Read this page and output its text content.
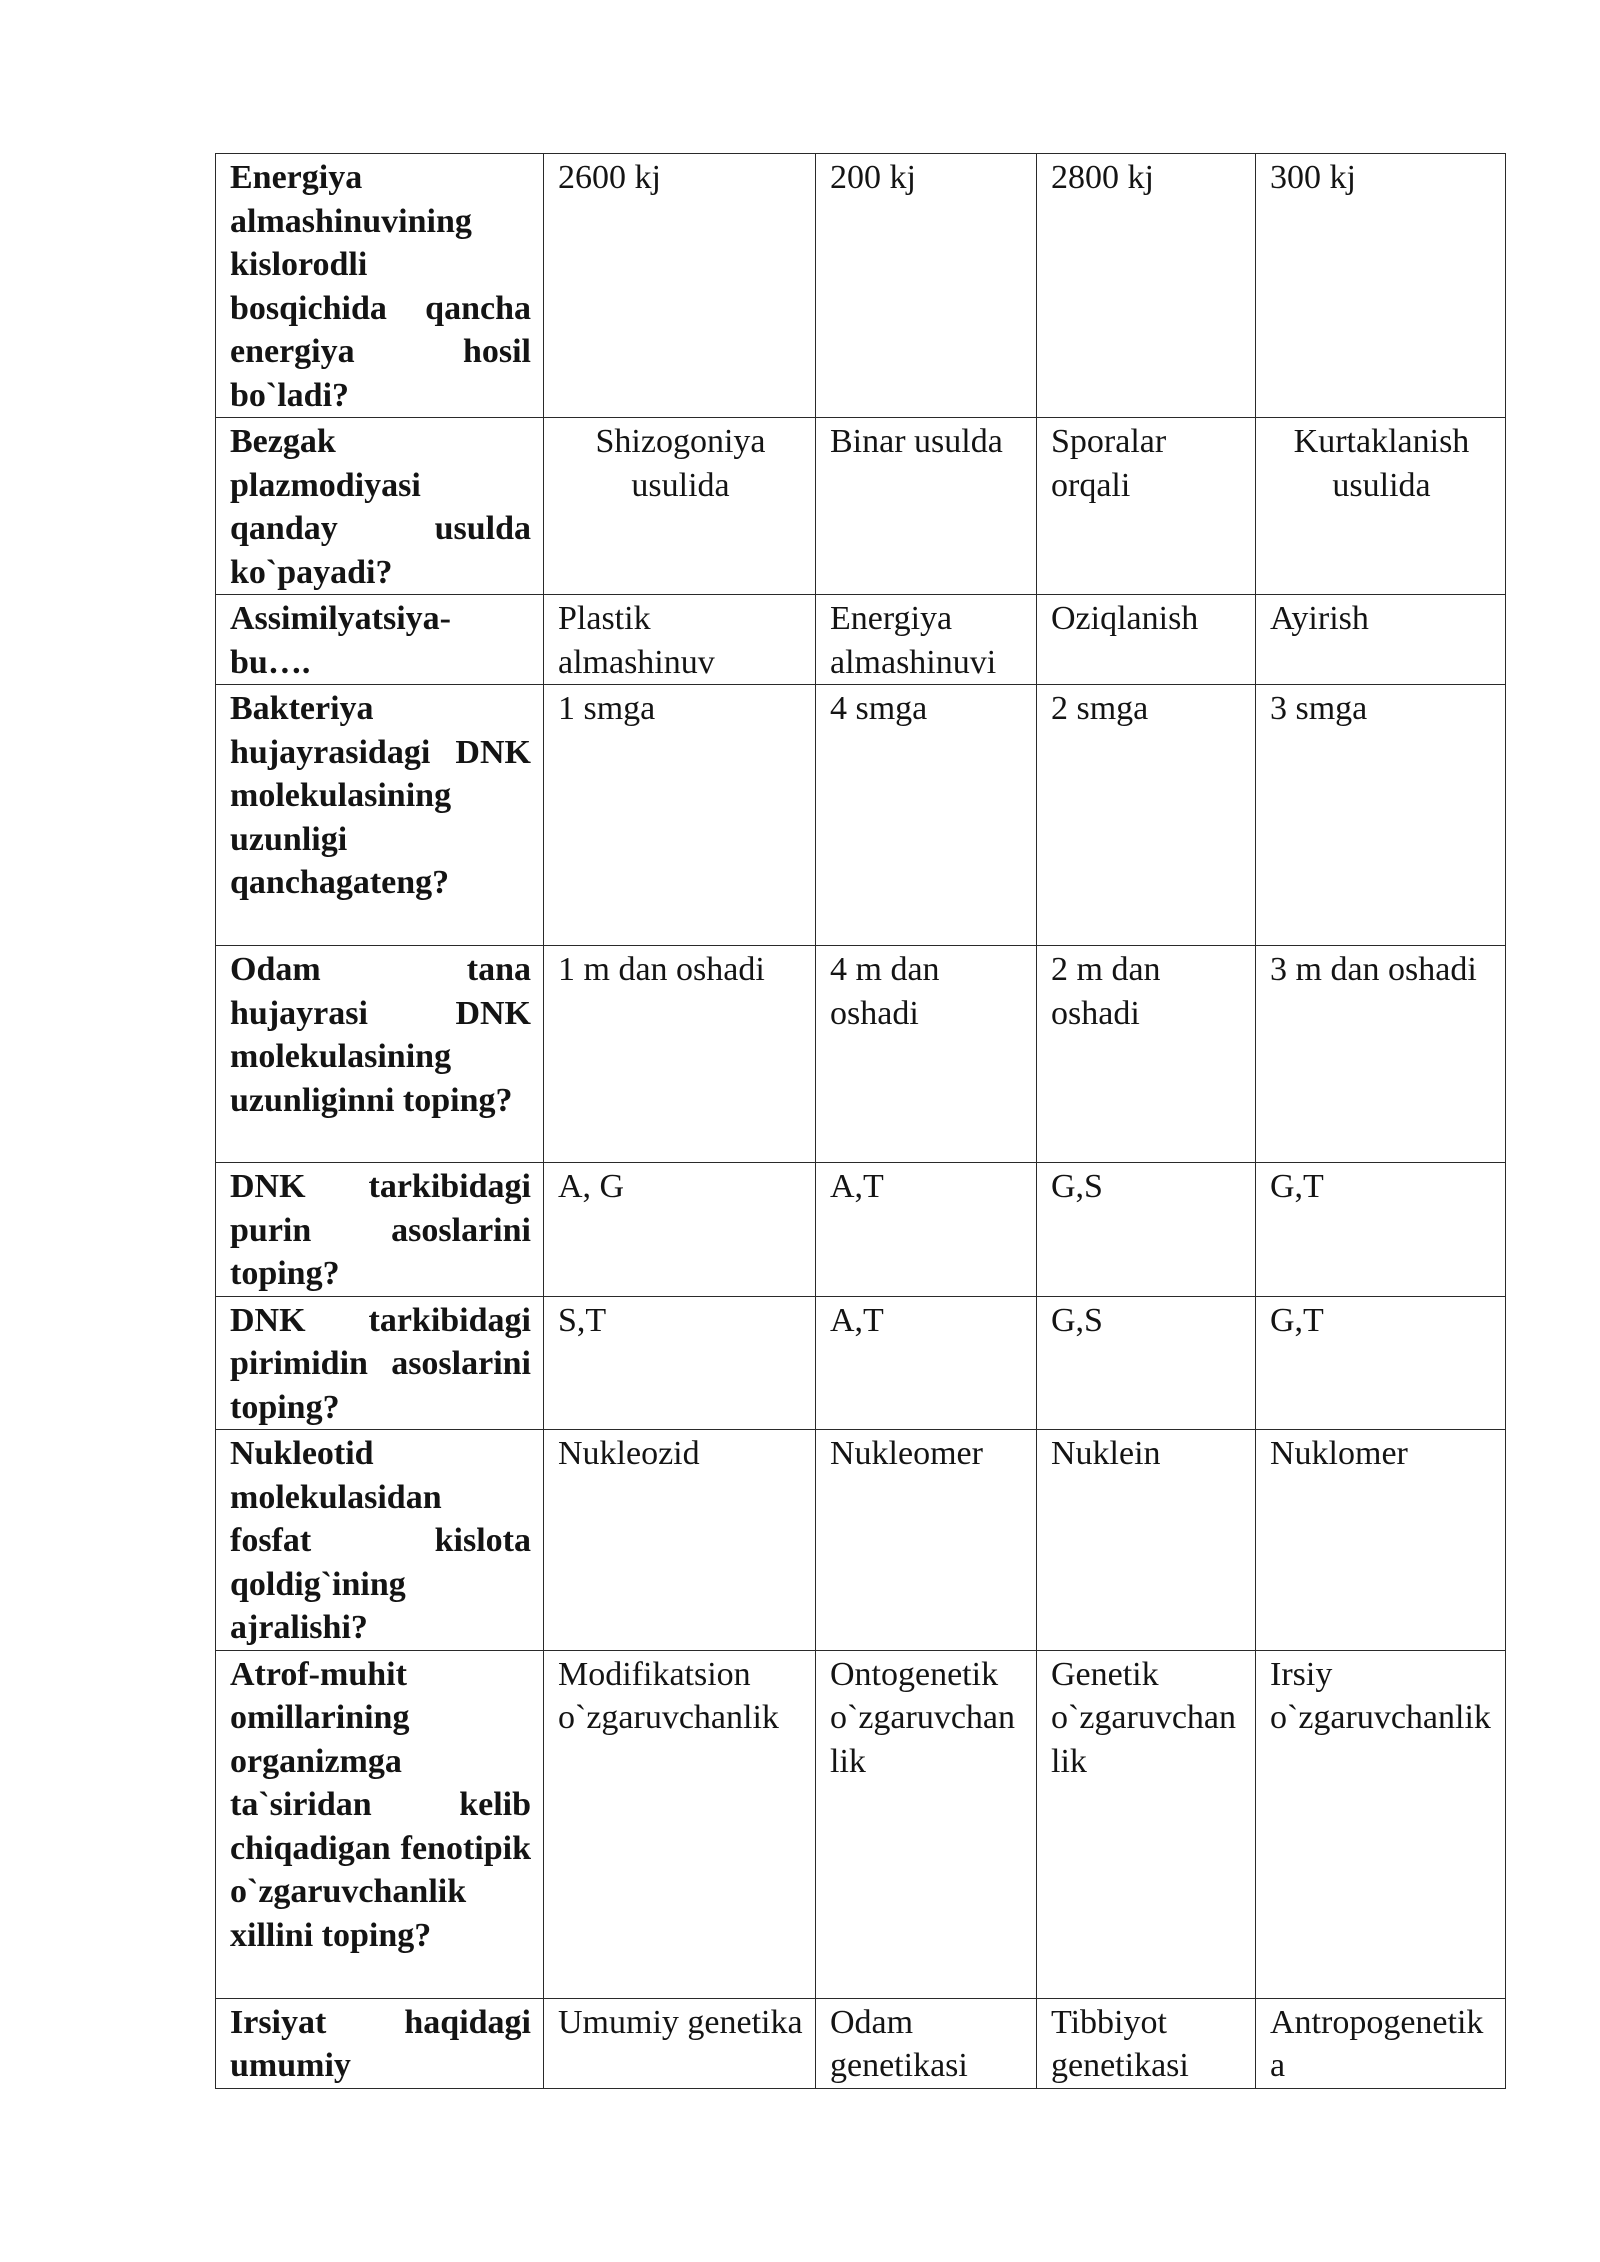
Energiya almashinuvining kislorodli bosqichida qancha energiya hosil bo`ladi?	2600 kj	200 kj	2800 kj	300 kj
Bezgak plazmodiyasi qanday usulda ko`payadi?	Shizogoniya usulida	Binar usulda	Sporalar orqali	Kurtaklanish usulida
Assimilyatsiya-bu….	Plastik almashinuv	Energiya almashinuvi	Oziqlanish	Ayirish
Bakteriya hujayrasidagi DNK molekulasining uzunligi qanchagateng?	1 smga	4 smga	2 smga	3 smga
Odam tana hujayrasi DNK molekulasining uzunliginni toping?	1 m dan oshadi	4 m dan oshadi	2 m dan oshadi	3 m dan oshadi
DNK tarkibidagi purin asoslarini toping?	A, G	A,T	G,S	G,T
DNK tarkibidagi pirimidin asoslarini toping?	S,T	A,T	G,S	G,T
Nukleotid molekulasidan fosfat kislota qoldig`ining ajralishi?	Nukleozid	Nukleomer	Nuklein	Nuklomer
Atrof-muhit omillarining organizmga ta`siridan kelib chiqadigan fenotipik o`zgaruvchanlik xillini toping?	Modifikatsion o`zgaruvchanlik	Ontogenetik o`zgaruvchanlik	Genetik o`zgaruvchanlik	Irsiy o`zgaruvchanlik
Irsiyat haqidagi umumiy	Umumiy genetika	Odam genetikasi	Tibbiyot genetikasi	Antropogenetika
